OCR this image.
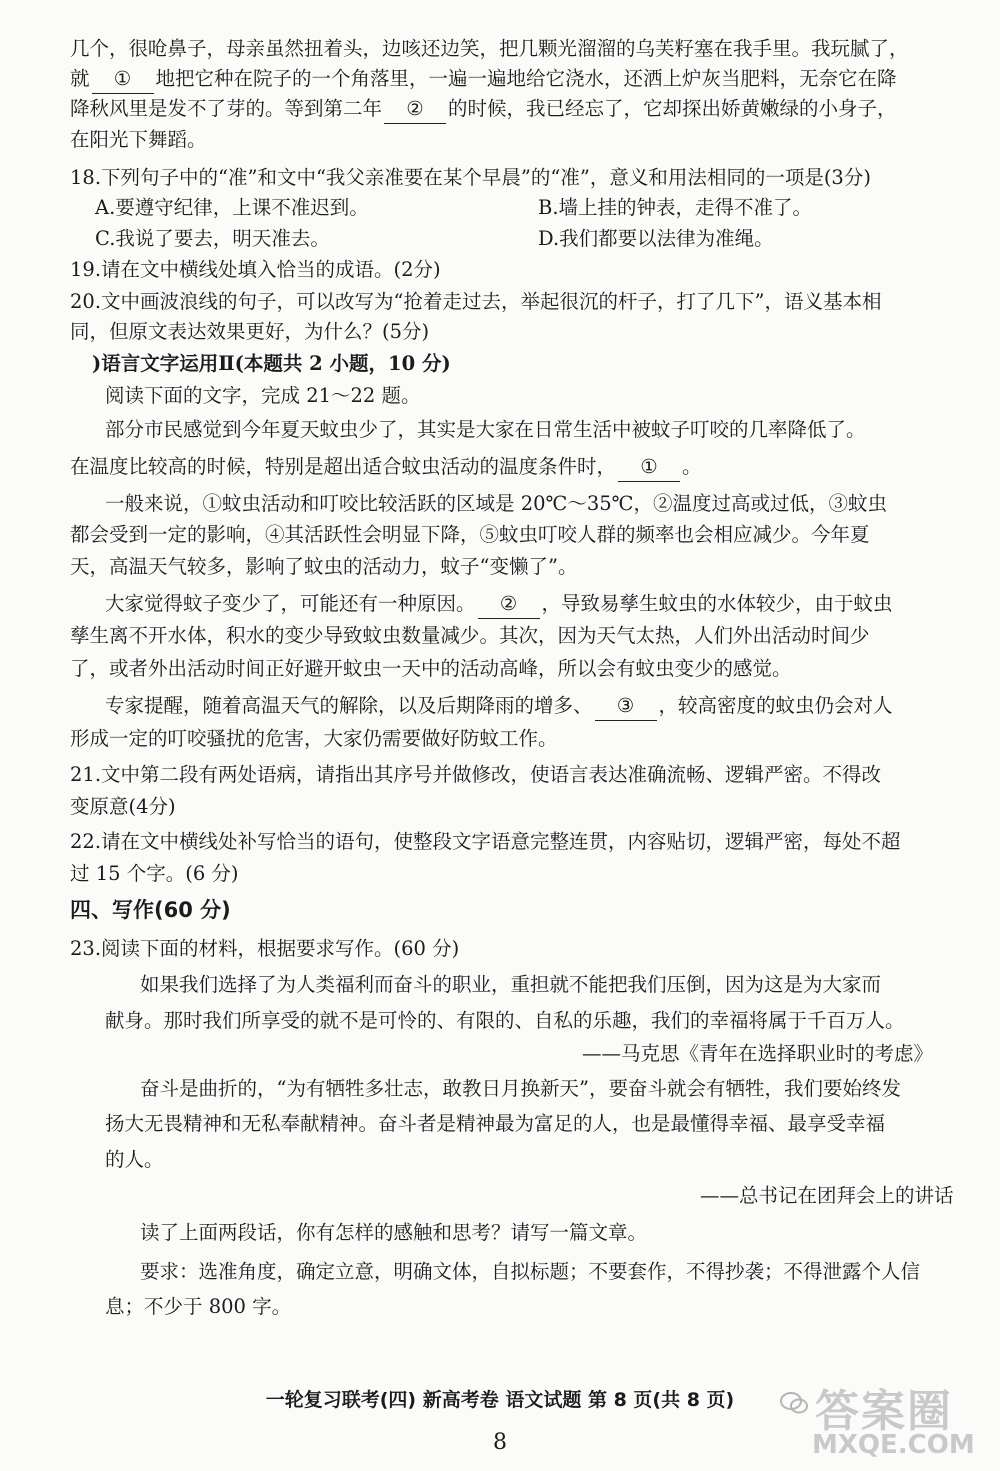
几个，很呛鼻子，母亲虽然扭着头，边咳还边笑，把几颗光溜溜的乌芙籽塞在我手里。我玩腻了，
就 ① 地把它种在院子的一个角落里，一遍一遍地给它浇水，还洒上炉灰当肥料，无奈它在降
降秋风里是发不了芽的。等到第二年 ② 的时候，我已经忘了，它却探出娇黄嫩绿的小身子，
在阳光下舞蹈。
18.下列句子中的“准”和文中“我父亲准要在某个早晨”的“准”，意义和用法相同的一项是(3分)
A.要遵守纪律，上课不准迟到。	B.墙上挂的钟表，走得不准了。
C.我说了要去，明天准去。	D.我们都要以法律为准绳。
19.请在文中横线处填入恰当的成语。(2分)
20.文中画波浪线的句子，可以改写为“抢着走过去，举起很沉的杆子，打了几下”，语义基本相
同，但原文表达效果更好，为什么？(5分)
)语言文字运用Ⅱ(本题共 2 小题，10 分)
阅读下面的文字，完成 21～22 题。
部分市民感觉到今年夏天蚊虫少了，其实是大家在日常生活中被蚊子叮咬的几率降低了。
在温度比较高的时候，特别是超出适合蚊虫活动的温度条件时， ① 。
一般来说，①蚊虫活动和叮咬比较活跃的区域是 20℃～35℃，②温度过高或过低，③蚊虫
都会受到一定的影响，④其活跃性会明显下降，⑤蚊虫叮咬人群的频率也会相应减少。今年夏
天，高温天气较多，影响了蚊虫的活动力，蚊子“变懒了”。
大家觉得蚊子变少了，可能还有一种原因。 ② ，导致易孳生蚊虫的水体较少，由于蚊虫
孳生离不开水体，积水的变少导致蚊虫数量减少。其次，因为天气太热，人们外出活动时间少
了，或者外出活动时间正好避开蚊虫一天中的活动高峰，所以会有蚊虫变少的感觉。
专家提醒，随着高温天气的解除，以及后期降雨的增多、 ③ ，较高密度的蚊虫仍会对人
形成一定的叮咬骚扰的危害，大家仍需要做好防蚊工作。
21.文中第二段有两处语病，请指出其序号并做修改，使语言表达准确流畅、逻辑严密。不得改
变原意(4分)
22.请在文中横线处补写恰当的语句，使整段文字语意完整连贯，内容贴切，逻辑严密，每处不超
过 15 个字。(6 分)
四、写作(60 分)
23.阅读下面的材料，根据要求写作。(60 分)
如果我们选择了为人类福利而奋斗的职业，重担就不能把我们压倒，因为这是为大家而
献身。那时我们所享受的就不是可怜的、有限的、自私的乐趣，我们的幸福将属于千百万人。
——马克思《青年在选择职业时的考虑》
奋斗是曲折的，“为有牺牲多壮志，敢教日月换新天”，要奋斗就会有牺牲，我们要始终发
扬大无畏精神和无私奉献精神。奋斗者是精神最为富足的人，也是最懂得幸福、最享受幸福
的人。
——总书记在团拜会上的讲话
读了上面两段话，你有怎样的感触和思考？请写一篇文章。
要求：选准角度，确定立意，明确文体，自拟标题；不要套作，不得抄袭；不得泄露个人信
息；不少于 800 字。
一轮复习联考(四) 新高考卷 语文试题 第 8 页(共 8 页)
8
答案圈
MXQE.COM
